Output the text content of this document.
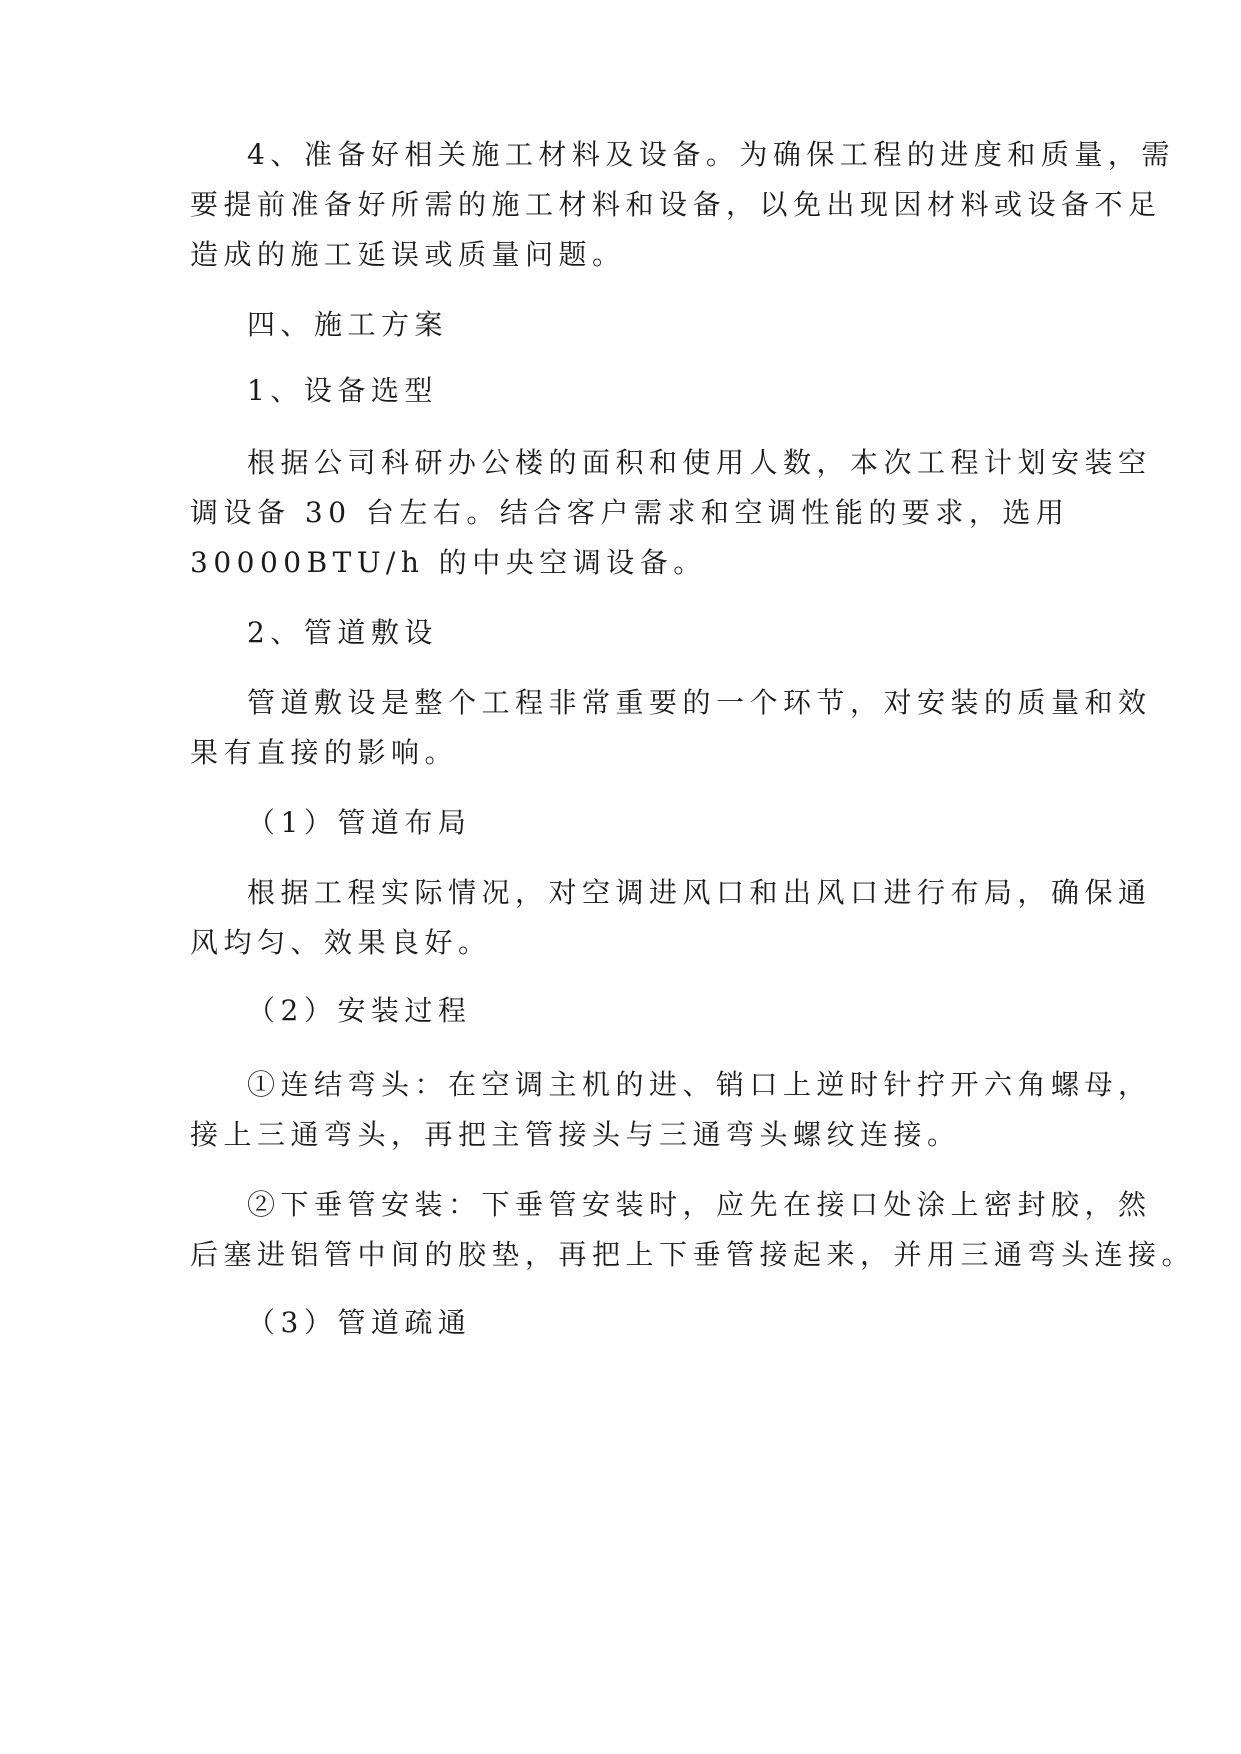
4、准备好相关施工材料及设备。为确保工程的进度和质量，需

要提前准备好所需的施工材料和设备，以免出现因材料或设备不足

造成的施工延误或质量问题。

四、施工方案

1、设备选型

根据公司科研办公楼的面积和使用人数，本次工程计划安装空

调设备 30 台左右。结合客户需求和空调性能的要求，选用

30000BTU/h 的中央空调设备。

2、管道敷设

管道敷设是整个工程非常重要的一个环节，对安装的质量和效

果有直接的影响。

（1）管道布局

根据工程实际情况，对空调进风口和出风口进行布局，确保通

风均匀、效果良好。

（2）安装过程

①连结弯头：在空调主机的进、销口上逆时针拧开六角螺母，

接上三通弯头，再把主管接头与三通弯头螺纹连接。

②下垂管安装：下垂管安装时，应先在接口处涂上密封胶，然

后塞进铝管中间的胶垫，再把上下垂管接起来，并用三通弯头连接。

（3）管道疏通
